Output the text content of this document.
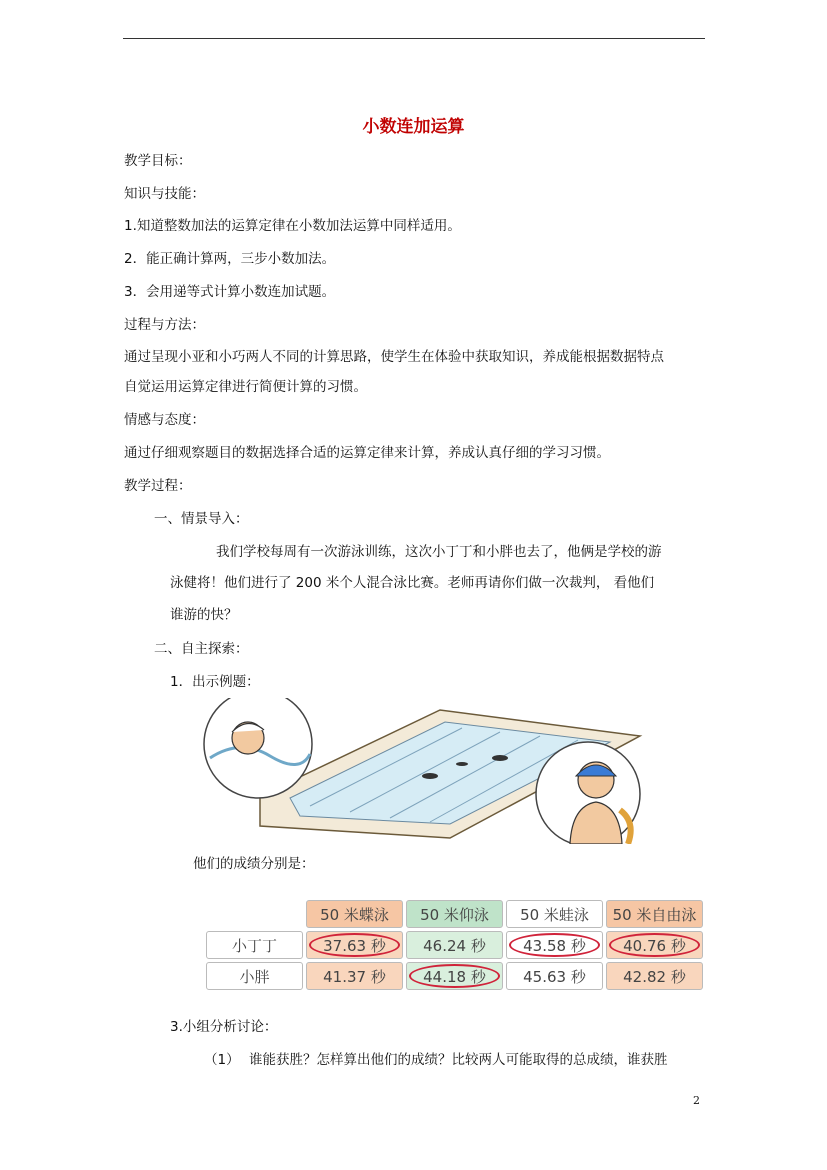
小数连加运算
教学目标：
知识与技能：
1.知道整数加法的运算定律在小数加法运算中同样适用。
2．能正确计算两，三步小数加法。
3．会用递等式计算小数连加试题。
过程与方法：
通过呈现小亚和小巧两人不同的计算思路，使学生在体验中获取知识，养成能根据数据特点
自觉运用运算定律进行简便计算的习惯。
情感与态度：
通过仔细观察题目的数据选择合适的运算定律来计算，养成认真仔细的学习习惯。
教学过程：
一、情景导入：
我们学校每周有一次游泳训练，这次小丁丁和小胖也去了，他俩是学校的游
泳健将！他们进行了 200 米个人混合泳比赛。老师再请你们做一次裁判， 看他们
谁游的快？
二、自主探索：
1．出示例题：
他们的成绩分别是：
	50 米蝶泳	50 米仰泳	50 米蛙泳	50 米自由泳
小丁丁	37.63 秒	46.24 秒	43.58 秒	40.76 秒
小胖	41.37 秒	44.18 秒	45.63 秒	42.82 秒
3.小组分析讨论：
（1） 谁能获胜？怎样算出他们的成绩？比较两人可能取得的总成绩，谁获胜
2
